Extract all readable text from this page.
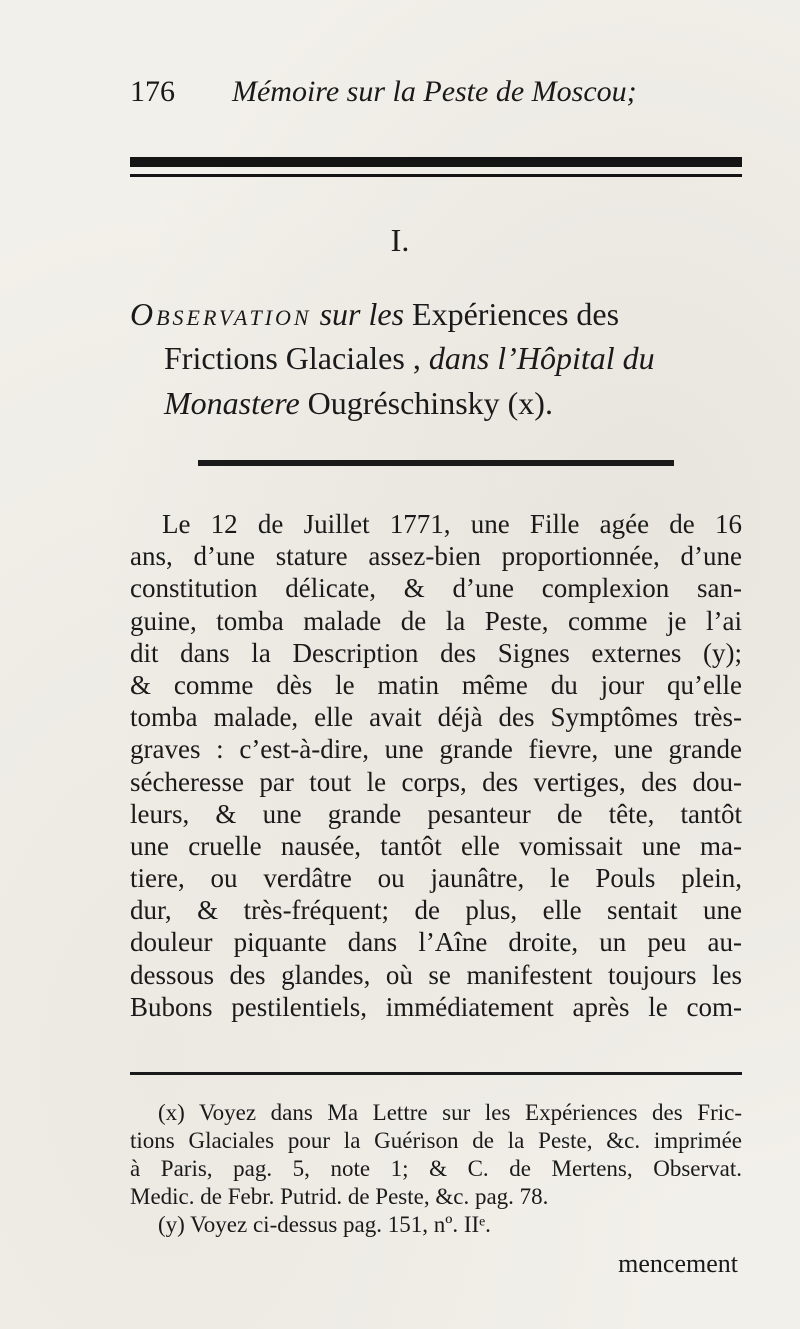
176 Mémoire sur la Peste de Moscou;
I.
Observation sur les Expériences des
Frictions Glaciales , dans l’Hôpital du
Monastere Ougréschinsky (x).
Le 12 de Juillet 1771, une Fille agée de 16
ans, d’une stature assez-bien proportionnée, d’une
constitution délicate, & d’une complexion san-
guine, tomba malade de la Peste, comme je l’ai
dit dans la Description des Signes externes (y);
& comme dès le matin même du jour qu’elle
tomba malade, elle avait déjà des Symptômes très-
graves : c’est-à-dire, une grande fievre, une grande
sécheresse par tout le corps, des vertiges, des dou-
leurs, & une grande pesanteur de tête, tantôt
une cruelle nausée, tantôt elle vomissait une ma-
tiere, ou verdâtre ou jaunâtre, le Pouls plein,
dur, & très-fréquent; de plus, elle sentait une
douleur piquante dans l’Aîne droite, un peu au-
dessous des glandes, où se manifestent toujours les
Bubons pestilentiels, immédiatement après le com-
(x) Voyez dans Ma Lettre sur les Expériences des Fric-
tions Glaciales pour la Guérison de la Peste, &c. imprimée
à Paris, pag. 5, note 1; & C. de Mertens, Observat.
Medic. de Febr. Putrid. de Peste, &c. pag. 78.
(y) Voyez ci-dessus pag. 151, nº. IIᵉ.
mencement
